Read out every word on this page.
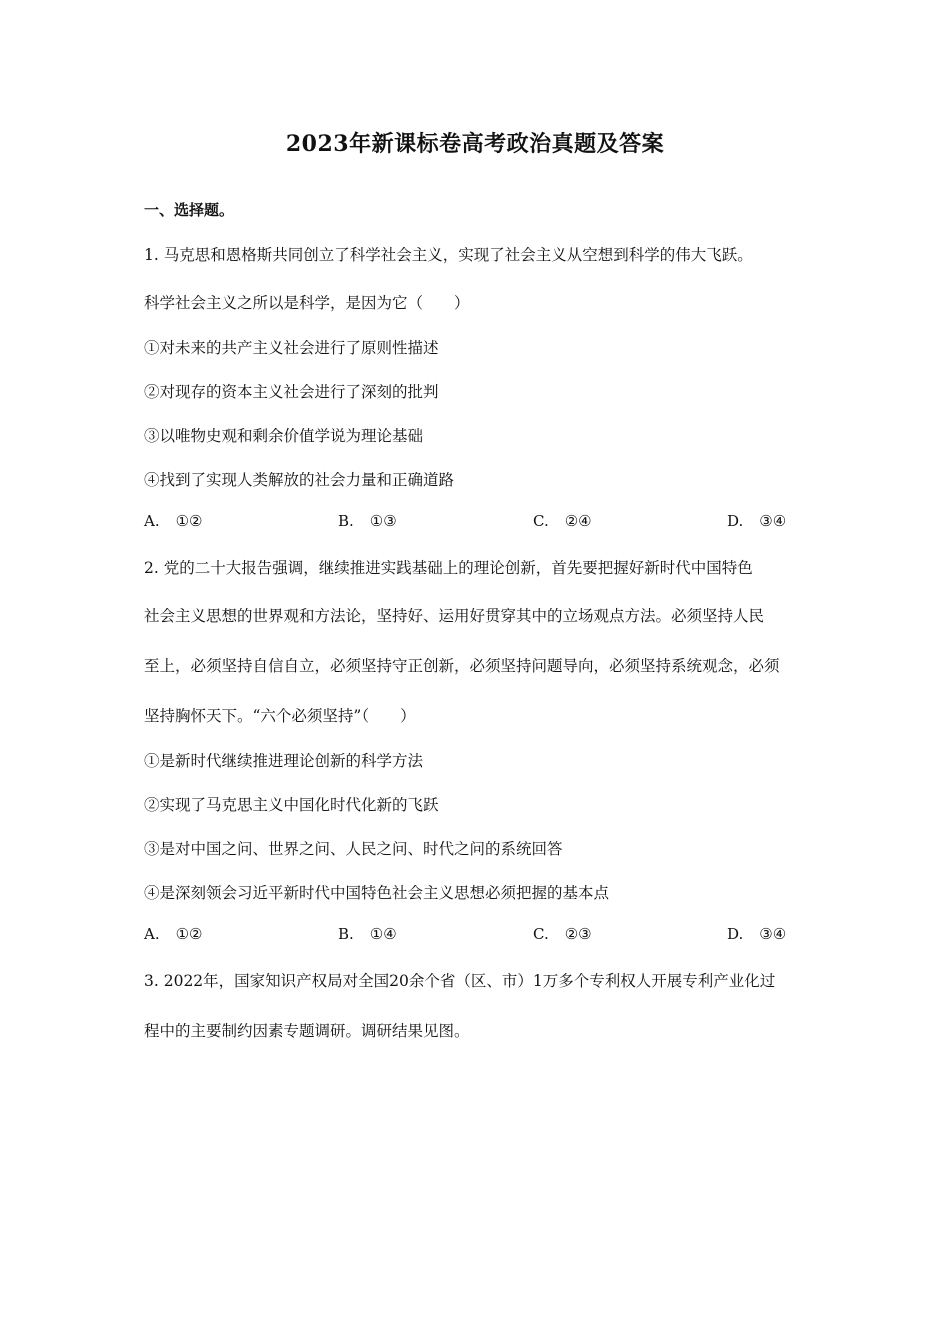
2023年新课标卷高考政治真题及答案
一、选择题。
1. 马克思和恩格斯共同创立了科学社会主义，实现了社会主义从空想到科学的伟大飞跃。
科学社会主义之所以是科学，是因为它（　　）
①对未来的共产主义社会进行了原则性描述
②对现存的资本主义社会进行了深刻的批判
③以唯物史观和剩余价值学说为理论基础
④找到了实现人类解放的社会力量和正确道路
A. ①②	B. ①③	C. ②④	D. ③④
2. 党的二十大报告强调，继续推进实践基础上的理论创新，首先要把握好新时代中国特色
社会主义思想的世界观和方法论，坚持好、运用好贯穿其中的立场观点方法。必须坚持人民
至上，必须坚持自信自立，必须坚持守正创新，必须坚持问题导向，必须坚持系统观念，必须
坚持胸怀天下。“六个必须坚持”（　　）
①是新时代继续推进理论创新的科学方法
②实现了马克思主义中国化时代化新的飞跃
③是对中国之问、世界之问、人民之问、时代之问的系统回答
④是深刻领会习近平新时代中国特色社会主义思想必须把握的基本点
A. ①②	B. ①④	C. ②③	D. ③④
3. 2022年，国家知识产权局对全国20余个省（区、市）1万多个专利权人开展专利产业化过
程中的主要制约因素专题调研。调研结果见图。
